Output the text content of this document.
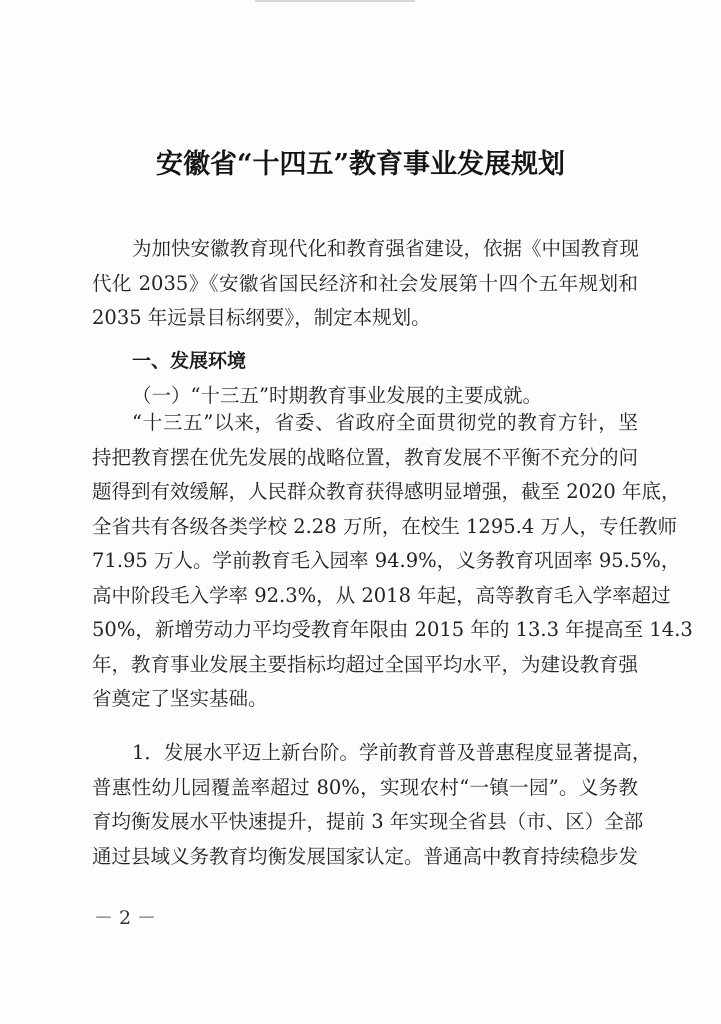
安徽省“十四五”教育事业发展规划
为加快安徽教育现代化和教育强省建设，依据《中国教育现
代化 2035》《安徽省国民经济和社会发展第十四个五年规划和
2035 年远景目标纲要》，制定本规划。
一、发展环境
（一）“十三五”时期教育事业发展的主要成就。
“十三五”以来，省委、省政府全面贯彻党的教育方针，坚
持把教育摆在优先发展的战略位置，教育发展不平衡不充分的问
题得到有效缓解，人民群众教育获得感明显增强，截至 2020 年底，
全省共有各级各类学校 2.28 万所，在校生 1295.4 万人，专任教师
71.95 万人。学前教育毛入园率 94.9%，义务教育巩固率 95.5%，
高中阶段毛入学率 92.3%，从 2018 年起，高等教育毛入学率超过
50%，新增劳动力平均受教育年限由 2015 年的 13.3 年提高至 14.3
年，教育事业发展主要指标均超过全国平均水平，为建设教育强
省奠定了坚实基础。
1．发展水平迈上新台阶。学前教育普及普惠程度显著提高，
普惠性幼儿园覆盖率超过 80%，实现农村“一镇一园”。义务教
育均衡发展水平快速提升，提前 3 年实现全省县（市、区）全部
通过县域义务教育均衡发展国家认定。普通高中教育持续稳步发
－ 2 －
